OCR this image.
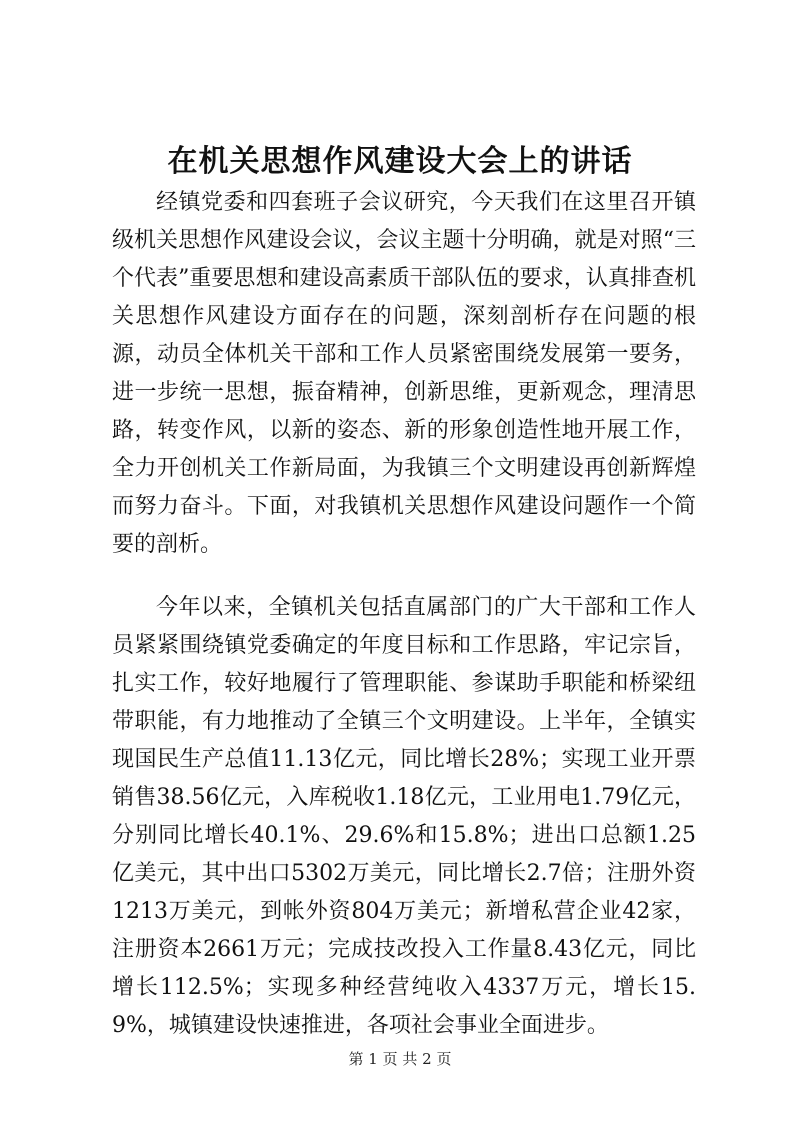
在机关思想作风建设大会上的讲话

经镇党委和四套班子会议研究，今天我们在这里召开镇级机关思想作风建设会议，会议主题十分明确，就是对照“三个代表”重要思想和建设高素质干部队伍的要求，认真排查机关思想作风建设方面存在的问题，深刻剖析存在问题的根源，动员全体机关干部和工作人员紧密围绕发展第一要务，进一步统一思想，振奋精神，创新思维，更新观念，理清思路，转变作风，以新的姿态、新的形象创造性地开展工作，全力开创机关工作新局面，为我镇三个文明建设再创新辉煌而努力奋斗。下面，对我镇机关思想作风建设问题作一个简要的剖析。

今年以来，全镇机关包括直属部门的广大干部和工作人员紧紧围绕镇党委确定的年度目标和工作思路，牢记宗旨，扎实工作，较好地履行了管理职能、参谋助手职能和桥梁纽带职能，有力地推动了全镇三个文明建设。上半年，全镇实现国民生产总值11.13亿元，同比增长28%；实现工业开票销售38.56亿元，入库税收1.18亿元，工业用电1.79亿元，分别同比增长40.1%、29.6%和15.8%；进出口总额1.25亿美元，其中出口5302万美元，同比增长2.7倍；注册外资1213万美元，到帐外资804万美元；新增私营企业42家，注册资本2661万元；完成技改投入工作量8.43亿元，同比增长112.5%；实现多种经营纯收入4337万元，增长15.9%，城镇建设快速推进，各项社会事业全面进步。

第 1 页 共 2 页
